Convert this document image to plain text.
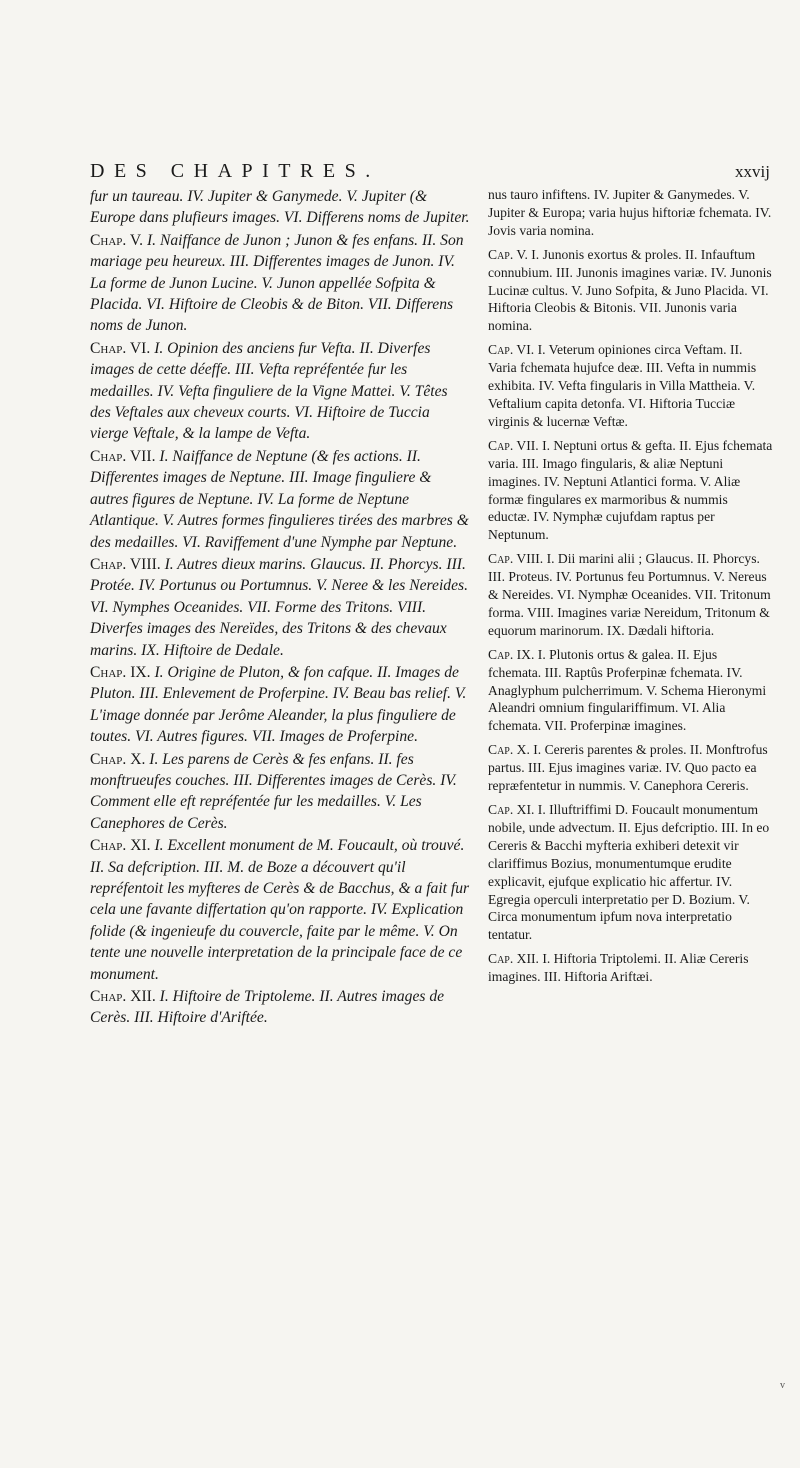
DES CHAPITRES.	xxvij

fur un taureau. IV. Jupiter & Ganymede. V. Jupiter (& Europe dans plufieurs images. VI. Differens noms de Jupiter.

Chap. V. I. Naiffance de Junon ; Junon & fes enfans. II. Son mariage peu heureux. III. Differentes images de Junon. IV. La forme de Junon Lucine. V. Junon appellée Sofpita & Placida. VI. Hiftoire de Cleobis & de Biton. VII. Differens noms de Junon.

Chap. VI. I. Opinion des anciens fur Vefta. II. Diverfes images de cette déeffe. III. Vefta repréfentée fur les medailles. IV. Vefta finguliere de la Vigne Mattei. V. Têtes des Veftales aux cheveux courts. VI. Hiftoire de Tuccia vierge Veftale, & la lampe de Vefta.

Chap. VII. I. Naiffance de Neptune (& fes actions. II. Differentes images de Neptune. III. Image finguliere & autres figures de Neptune. IV. La forme de Neptune Atlantique. V. Autres formes fingulieres tirées des marbres & des medailles. VI. Raviffement d'une Nymphe par Neptune.

Chap. VIII. I. Autres dieux marins. Glaucus. II. Phorcys. III. Protée. IV. Portunus ou Portumnus. V. Neree & les Nereides. VI. Nymphes Oceanides. VII. Forme des Tritons. VIII. Diverfes images des Nereïdes, des Tritons & des chevaux marins. IX. Hiftoire de Dedale.

Chap. IX. I. Origine de Pluton, & fon cafque. II. Images de Pluton. III. Enlevement de Proferpine. IV. Beau bas relief. V. L'image donnée par Jerôme Aleander, la plus finguliere de toutes. VI. Autres figures. VII. Images de Proferpine.

Chap. X. I. Les parens de Cerès & fes enfans. II. fes monftrueufes couches. III. Differentes images de Cerès. IV. Comment elle eft repréfentée fur les medailles. V. Les Canephores de Cerès.

Chap. XI. I. Excellent monument de M. Foucault, où trouvé. II. Sa defcription. III. M. de Boze a découvert qu'il repréfentoit les myfteres de Cerès & de Bacchus, & a fait fur cela une favante differtation qu'on rapporte. IV. Explication folide (& ingenieufe du couvercle, faite par le même. V. On tente une nouvelle interpretation de la principale face de ce monument.

Chap. XII. I. Hiftoire de Triptoleme. II. Autres images de Cerès. III. Hiftoire d'Ariftée.

nus tauro infiftens. IV. Jupiter & Ganymedes. V. Jupiter & Europa; varia hujus hiftoriæ fchemata. IV. Jovis varia nomina.

Cap. V. I. Junonis exortus & proles. II. Infauftum connubium. III. Junonis imagines variæ. IV. Junonis Lucinæ cultus. V. Juno Sofpita, & Juno Placida. VI. Hiftoria Cleobis & Bitonis. VII. Junonis varia nomina.

Cap. VI. I. Veterum opiniones circa Veftam. II. Varia fchemata hujufce deæ. III. Vefta in nummis exhibita. IV. Vefta fingularis in Villa Mattheia. V. Veftalium capita detonfa. VI. Hiftoria Tucciæ virginis & lucernæ Veftæ.

Cap. VII. I. Neptuni ortus & gefta. II. Ejus fchemata varia. III. Imago fingularis, & aliæ Neptuni imagines. IV. Neptuni Atlantici forma. V. Aliæ formæ fingulares ex marmoribus & nummis eductæ. IV. Nymphæ cujufdam raptus per Neptunum.

Cap. VIII. I. Dii marini alii ; Glaucus. II. Phorcys. III. Proteus. IV. Portunus feu Portumnus. V. Nereus & Nereides. VI. Nymphæ Oceanides. VII. Tritonum forma. VIII. Imagines variæ Nereidum, Tritonum & equorum marinorum. IX. Dædali hiftoria.

Cap. IX. I. Plutonis ortus & galea. II. Ejus fchemata. III. Raptûs Proferpinæ fchemata. IV. Anaglyphum pulcherrimum. V. Schema Hieronymi Aleandri omnium fingulariffimum. VI. Alia fchemata. VII. Proferpinæ imagines.

Cap. X. I. Cereris parentes & proles. II. Monftrofus partus. III. Ejus imagines variæ. IV. Quo pacto ea repræfentetur in nummis. V. Canephora Cereris.

Cap. XI. I. Illuftriffimi D. Foucault monumentum nobile, unde advectum. II. Ejus defcriptio. III. In eo Cereris & Bacchi myfteria exhiberi detexit vir clariffimus Bozius, monumentumque erudite explicavit, ejufque explicatio hic affertur. IV. Egregia operculi interpretatio per D. Bozium. V. Circa monumentum ipfum nova interpretatio tentatur.

Cap. XII. I. Hiftoria Triptolemi. II. Aliæ Cereris imagines. III. Hiftoria Ariftæi.

v
